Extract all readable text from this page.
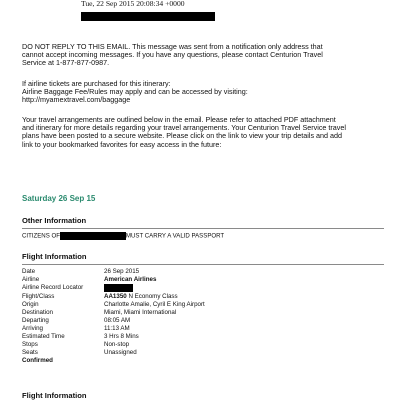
Tue, 22 Sep 2015 20:08:34 +0000
DO NOT REPLY TO THIS EMAIL. This message was sent from a notification only address that
cannot accept incoming messages. If you have any questions, please contact Centurion Travel
Service at 1-877-877-0987.
If airline tickets are purchased for this itinerary:
Airline Baggage Fee/Rules may apply and can be accessed by visiting:
http://myamextravel.com/baggage
Your travel arrangements are outlined below in the email. Please refer to attached PDF attachment
and itinerary for more details regarding your travel arrangements. Your Centurion Travel Service travel
plans have been posted to a secure website. Please click on the link to view your trip details and add
link to your bookmarked favorites for easy access in the future:
Saturday 26 Sep 15
Other Information
CITIZENS OF	MUST CARRY A VALID PASSPORT
Flight Information
Date	26 Sep 2015
Airline	American Airlines
Airline Record Locator
Flight/Class	AA1350 N Economy Class
Origin	Charlotte Amalie, Cyril E King Airport
Destination	Miami, Miami International
Departing	08:05 AM
Arriving	11:13 AM
Estimated Time	3 Hrs 8 Mins
Stops	Non-stop
Seats	Unassigned
Confirmed
Flight Information
